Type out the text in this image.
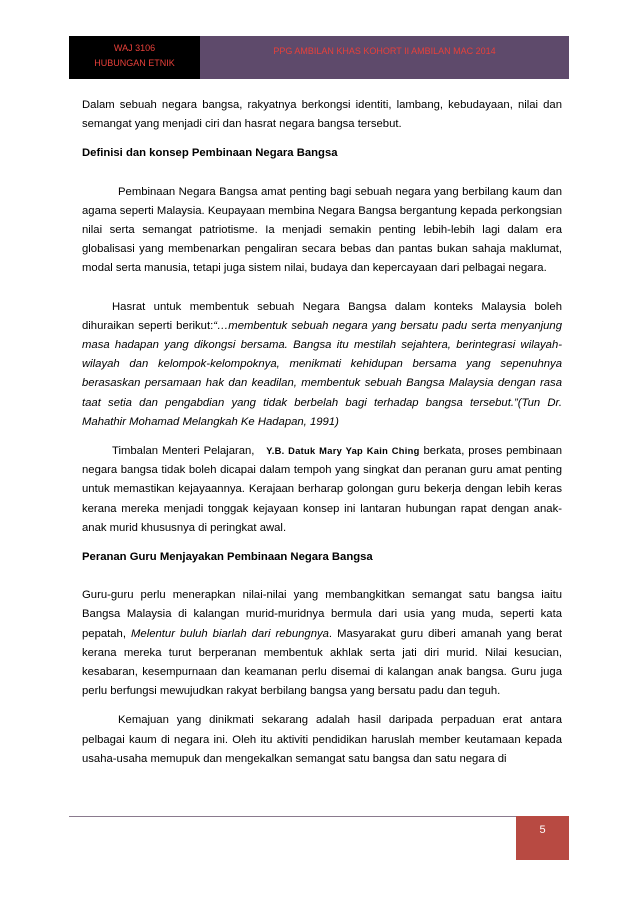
WAJ 3106
HUBUNGAN ETNIK
PPG AMBILAN KHAS KOHORT II AMBILAN MAC 2014

Dalam sebuah negara bangsa, rakyatnya berkongsi identiti, lambang, kebudayaan, nilai dan semangat yang menjadi ciri dan hasrat negara bangsa tersebut.

Definisi dan konsep Pembinaan Negara Bangsa

Pembinaan Negara Bangsa amat penting bagi sebuah negara yang berbilang kaum dan agama seperti Malaysia. Keupayaan membina Negara Bangsa bergantung kepada perkongsian nilai serta semangat patriotisme. Ia menjadi semakin penting lebih-lebih lagi dalam era globalisasi yang membenarkan pengaliran secara bebas dan pantas bukan sahaja maklumat, modal serta manusia, tetapi juga sistem nilai, budaya dan kepercayaan dari pelbagai negara.

Hasrat untuk membentuk sebuah Negara Bangsa dalam konteks Malaysia boleh dihuraikan seperti berikut:“…membentuk sebuah negara yang bersatu padu serta menyanjung masa hadapan yang dikongsi bersama. Bangsa itu mestilah sejahtera, berintegrasi wilayah-wilayah dan kelompok-kelompoknya, menikmati kehidupan bersama yang sepenuhnya berasaskan persamaan hak dan keadilan, membentuk sebuah Bangsa Malaysia dengan rasa taat setia dan pengabdian yang tidak berbelah bagi terhadap bangsa tersebut.”(Tun Dr. Mahathir Mohamad Melangkah Ke Hadapan, 1991)

Timbalan Menteri Pelajaran, Y.B. Datuk Mary Yap Kain Ching berkata, proses pembinaan negara bangsa tidak boleh dicapai dalam tempoh yang singkat dan peranan guru amat penting untuk memastikan kejayaannya. Kerajaan berharap golongan guru bekerja dengan lebih keras kerana mereka menjadi tonggak kejayaan konsep ini lantaran hubungan rapat dengan anak-anak murid khususnya di peringkat awal.

Peranan Guru Menjayakan Pembinaan Negara Bangsa

Guru-guru perlu menerapkan nilai-nilai yang membangkitkan semangat satu bangsa iaitu Bangsa Malaysia di kalangan murid-muridnya bermula dari usia yang muda, seperti kata pepatah, Melentur buluh biarlah dari rebungnya. Masyarakat guru diberi amanah yang berat kerana mereka turut berperanan membentuk akhlak serta jati diri murid. Nilai kesucian, kesabaran, kesempurnaan dan keamanan perlu disemai di kalangan anak bangsa. Guru juga perlu berfungsi mewujudkan rakyat berbilang bangsa yang bersatu padu dan teguh.

Kemajuan yang dinikmati sekarang adalah hasil daripada perpaduan erat antara pelbagai kaum di negara ini. Oleh itu aktiviti pendidikan haruslah member keutamaan kepada usaha-usaha memupuk dan mengekalkan semangat satu bangsa dan satu negara di

5
